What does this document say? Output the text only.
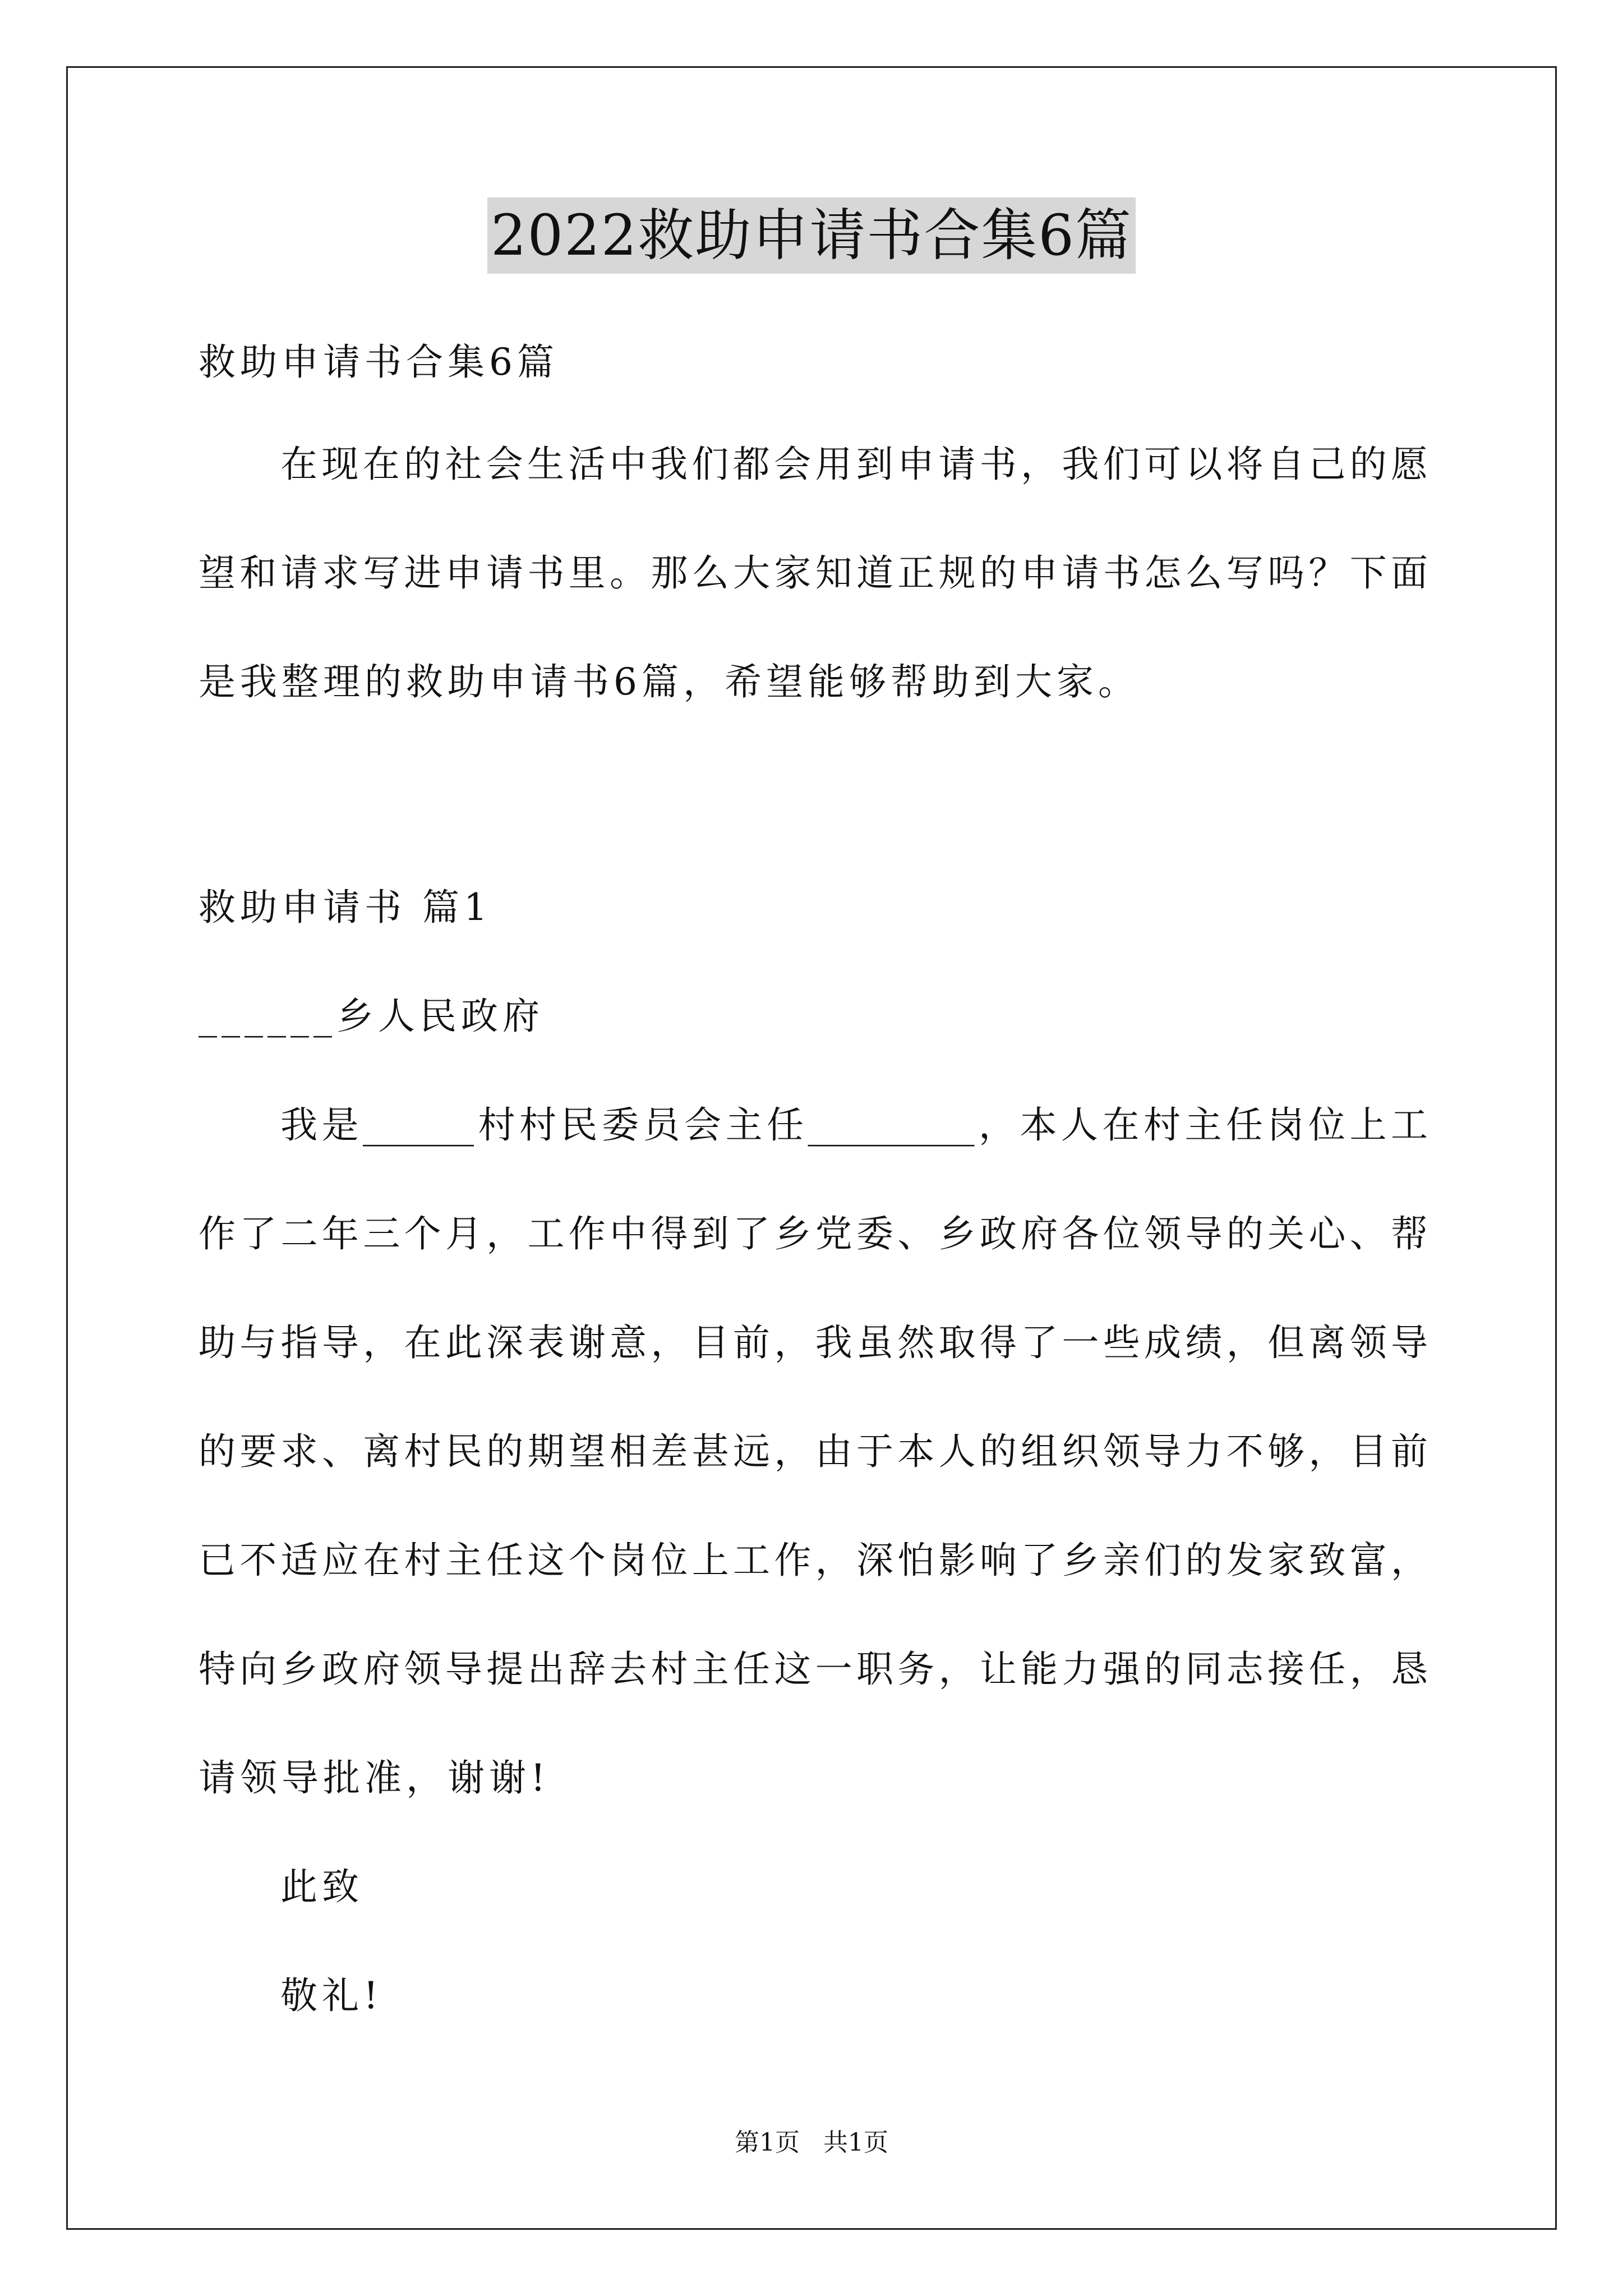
2022救助申请书合集6篇
救助申请书合集6篇
在现在的社会生活中我们都会用到申请书，我们可以将自己的愿
望和请求写进申请书里。那么大家知道正规的申请书怎么写吗？下面
是我整理的救助申请书6篇，希望能够帮助到大家。
救助申请书 篇1
______乡人民政府
我是______村村民委员会主任_________，本人在村主任岗位上工
作了二年三个月，工作中得到了乡党委、乡政府各位领导的关心、帮
助与指导，在此深表谢意，目前，我虽然取得了一些成绩，但离领导
的要求、离村民的期望相差甚远，由于本人的组织领导力不够，目前
已不适应在村主任这个岗位上工作，深怕影响了乡亲们的发家致富，
特向乡政府领导提出辞去村主任这一职务，让能力强的同志接任，恳
请领导批准，谢谢!
此致
敬礼!
第1页   共1页
